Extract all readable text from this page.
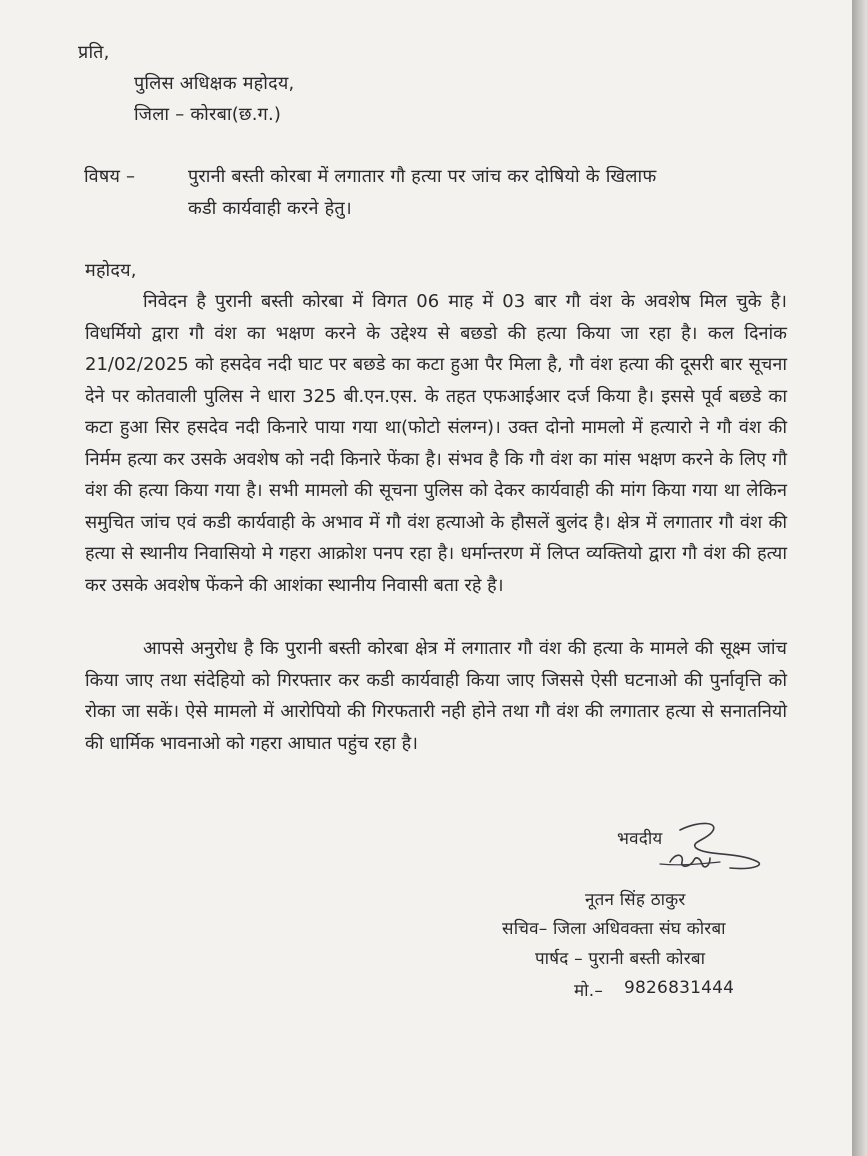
प्रति,
पुलिस अधिक्षक महोदय,
जिला – कोरबा(छ.ग.)
विषय –	पुरानी बस्ती कोरबा में लगातार गौ हत्या पर जांच कर दोषियो के खिलाफ
कडी कार्यवाही करने हेतु।
महोदय,

निवेदन है पुरानी बस्ती कोरबा में विगत 06 माह में 03 बार गौ वंश के अवशेष मिल चुके है। विधर्मियो द्वारा गौ वंश का भक्षण करने के उद्देश्य से बछडो की हत्या किया जा रहा है। कल दिनांक 21/02/2025 को हसदेव नदी घाट पर बछडे का कटा हुआ पैर मिला है, गौ वंश हत्या की दूसरी बार सूचना देने पर कोतवाली पुलिस ने धारा 325 बी.एन.एस. के तहत एफआईआर दर्ज किया है। इससे पूर्व बछडे का कटा हुआ सिर हसदेव नदी किनारे पाया गया था(फोटो संलग्न)। उक्त दोनो मामलो में हत्यारो ने गौ वंश की निर्मम हत्या कर उसके अवशेष को नदी किनारे फेंका है। संभव है कि गौ वंश का मांस भक्षण करने के लिए गौ वंश की हत्या किया गया है। सभी मामलो की सूचना पुलिस को देकर कार्यवाही की मांग किया गया था लेकिन समुचित जांच एवं कडी कार्यवाही के अभाव में गौ वंश हत्याओ के हौसलें बुलंद है। क्षेत्र में लगातार गौ वंश की हत्या से स्थानीय निवासियो मे गहरा आक्रोश पनप रहा है। धर्मान्तरण में लिप्त व्यक्तियो द्वारा गौ वंश की हत्या कर उसके अवशेष फेंकने की आशंका स्थानीय निवासी बता रहे है।

आपसे अनुरोध है कि पुरानी बस्ती कोरबा क्षेत्र में लगातार गौ वंश की हत्या के मामले की सूक्ष्म जांच किया जाए तथा संदेहियो को गिरफ्तार कर कडी कार्यवाही किया जाए जिससे ऐसी घटनाओ की पुर्नावृत्ति को रोका जा सकें। ऐसे मामलो में आरोपियो की गिरफतारी नही होने तथा गौ वंश की लगातार हत्या से सनातनियो की धार्मिक भावनाओ को गहरा आघात पहुंच रहा है।

भवदीय
नूतन सिंह ठाकुर
सचिव– जिला अधिवक्ता संघ कोरबा
पार्षद – पुरानी बस्ती कोरबा
मो.– 9826831444
